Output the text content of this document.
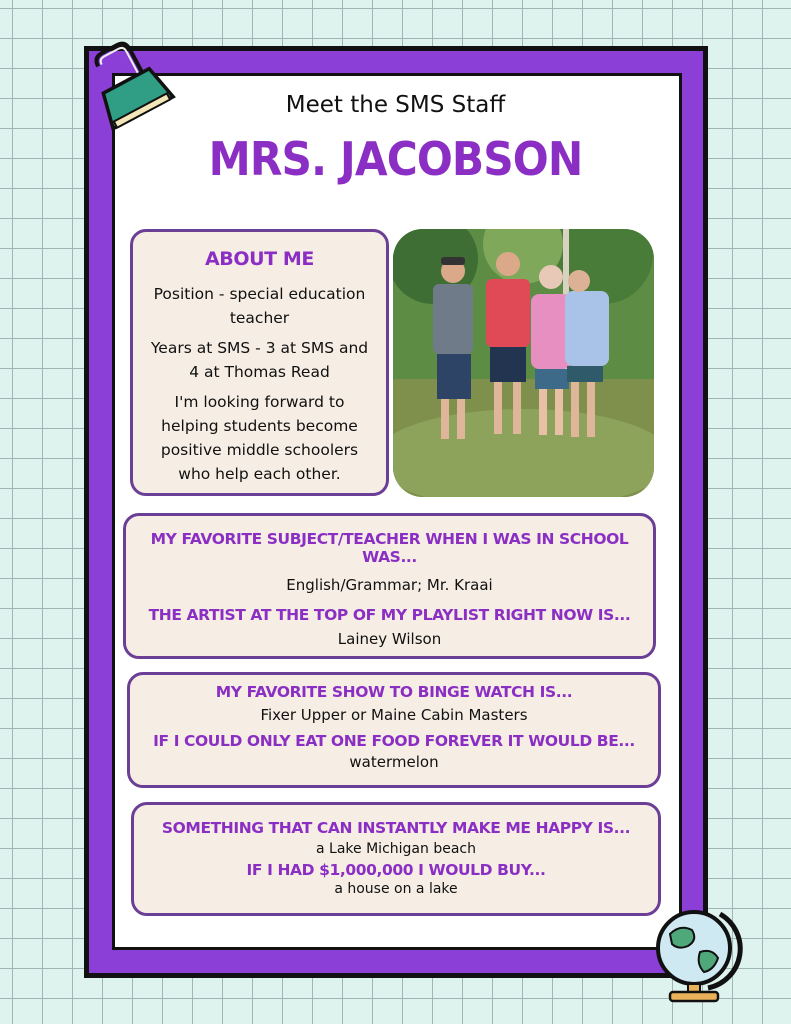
Meet the SMS Staff
MRS. JACOBSON
ABOUT ME
Position - special education teacher
Years at SMS - 3 at SMS and 4 at Thomas Read
I'm looking forward to helping students become positive middle schoolers who help each other.
MY FAVORITE SUBJECT/TEACHER WHEN I WAS IN SCHOOL WAS...
English/Grammar; Mr. Kraai
THE ARTIST AT THE TOP OF MY PLAYLIST RIGHT NOW IS...
Lainey Wilson
MY FAVORITE SHOW TO BINGE WATCH IS...
Fixer Upper or Maine Cabin Masters
IF I COULD ONLY EAT ONE FOOD FOREVER IT WOULD BE...
watermelon
SOMETHING THAT CAN INSTANTLY MAKE ME HAPPY IS...
a Lake Michigan beach
IF I HAD $1,000,000 I WOULD BUY...
a house on a lake
